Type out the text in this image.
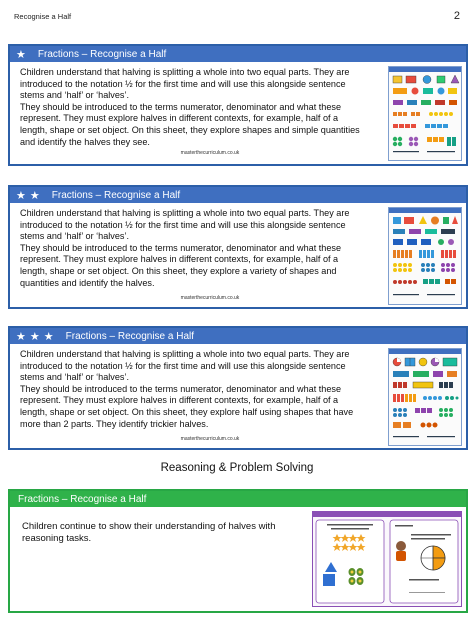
Recognise a Half	2
★ Fractions – Recognise a Half

Children understand that halving is splitting a whole into two equal parts. They are introduced to the notation ½ for the first time and will use this alongside sentence stems and ‘half’ or ‘halves’.

They should be introduced to the terms numerator, denominator and what these represent. They must explore halves in different contexts, for example, half of a length, shape or set object. On this sheet, they explore shapes and simple quantities and identify the halves they see.

masterthecurriculum.co.uk
★ ★ Fractions – Recognise a Half

Children understand that halving is splitting a whole into two equal parts. They are introduced to the notation ½ for the first time and will use this alongside sentence stems and ‘half’ or ‘halves’.

They should be introduced to the terms numerator, denominator and what these represent. They must explore halves in different contexts, for example, half of a length, shape or set object. On this sheet, they explore a variety of shapes and quantities and identify the halves.

masterthecurriculum.co.uk
★ ★ ★ Fractions – Recognise a Half

Children understand that halving is splitting a whole into two equal parts. They are introduced to the notation ½ for the first time and will use this alongside sentence stems and ‘half’ or ‘halves’.

They should be introduced to the terms numerator, denominator and what these represent. They must explore halves in different contexts, for example, half of a length, shape or set object. On this sheet, they explore half using shapes that have more than 2 parts. They identify trickier halves.

masterthecurriculum.co.uk
Reasoning & Problem Solving
Fractions – Recognise a Half
Children continue to show their understanding of halves with reasoning tasks.
